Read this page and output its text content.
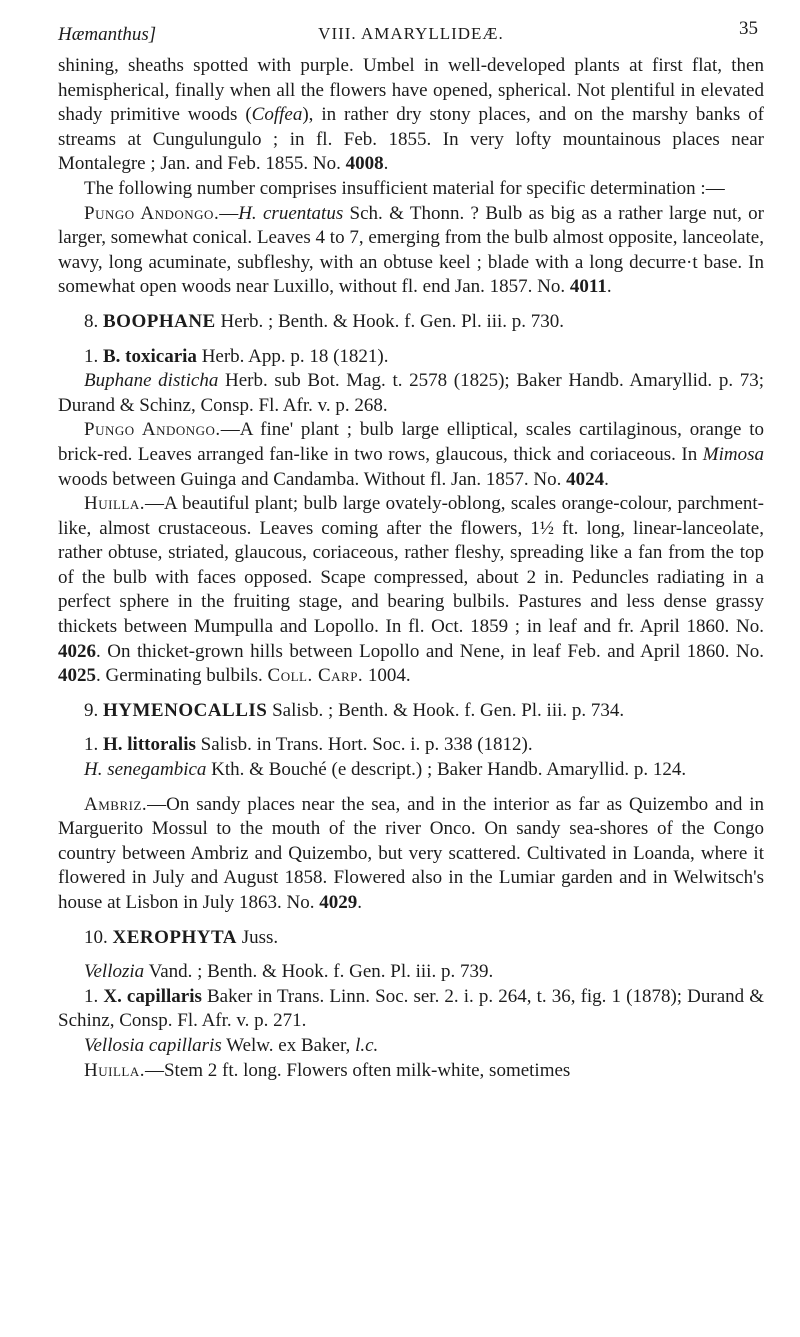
Hæmanthus]	VIII. AMARYLLIDEÆ.	35

shining, sheaths spotted with purple. Umbel in well-developed plants at first flat, then hemispherical, finally when all the flowers have opened, spherical. Not plentiful in elevated shady primitive woods (Coffea), in rather dry stony places, and on the marshy banks of streams at Cungulungulo ; in fl. Feb. 1855. In very lofty mountainous places near Montalegre ; Jan. and Feb. 1855. No. 4008.

The following number comprises insufficient material for specific determination :—

Pungo Andongo.—H. cruentatus Sch. & Thonn. ? Bulb as big as a rather large nut, or larger, somewhat conical. Leaves 4 to 7, emerging from the bulb almost opposite, lanceolate, wavy, long acuminate, subfleshy, with an obtuse keel ; blade with a long decurre·t base. In somewhat open woods near Luxillo, without fl. end Jan. 1857. No. 4011.

8. BOOPHANE Herb. ; Benth. & Hook. f. Gen. Pl. iii. p. 730.

1. B. toxicaria Herb. App. p. 18 (1821).

Buphane disticha Herb. sub Bot. Mag. t. 2578 (1825); Baker Handb. Amaryllid. p. 73; Durand & Schinz, Consp. Fl. Afr. v. p. 268.

Pungo Andongo.—A fine' plant ; bulb large elliptical, scales cartilaginous, orange to brick-red. Leaves arranged fan-like in two rows, glaucous, thick and coriaceous. In Mimosa woods between Guinga and Candamba. Without fl. Jan. 1857. No. 4024.

Huilla.—A beautiful plant; bulb large ovately-oblong, scales orange-colour, parchment-like, almost crustaceous. Leaves coming after the flowers, 1½ ft. long, linear-lanceolate, rather obtuse, striated, glaucous, coriaceous, rather fleshy, spreading like a fan from the top of the bulb with faces opposed. Scape compressed, about 2 in. Peduncles radiating in a perfect sphere in the fruiting stage, and bearing bulbils. Pastures and less dense grassy thickets between Mumpulla and Lopollo. In fl. Oct. 1859 ; in leaf and fr. April 1860. No. 4026. On thicket-grown hills between Lopollo and Nene, in leaf Feb. and April 1860. No. 4025. Germinating bulbils. Coll. Carp. 1004.

9. HYMENOCALLIS Salisb. ; Benth. & Hook. f. Gen. Pl. iii. p. 734.

1. H. littoralis Salisb. in Trans. Hort. Soc. i. p. 338 (1812).

H. senegambica Kth. & Bouché (e descript.) ; Baker Handb. Amaryllid. p. 124.

Ambriz.—On sandy places near the sea, and in the interior as far as Quizembo and in Marguerito Mossul to the mouth of the river Onco. On sandy sea-shores of the Congo country between Ambriz and Quizembo, but very scattered. Cultivated in Loanda, where it flowered in July and August 1858. Flowered also in the Lumiar garden and in Welwitsch's house at Lisbon in July 1863. No. 4029.

10. XEROPHYTA Juss.

Vellozia Vand. ; Benth. & Hook. f. Gen. Pl. iii. p. 739.

1. X. capillaris Baker in Trans. Linn. Soc. ser. 2. i. p. 264, t. 36, fig. 1 (1878); Durand & Schinz, Consp. Fl. Afr. v. p. 271.

Vellosia capillaris Welw. ex Baker, l.c.

Huilla.—Stem 2 ft. long. Flowers often milk-white, sometimes
